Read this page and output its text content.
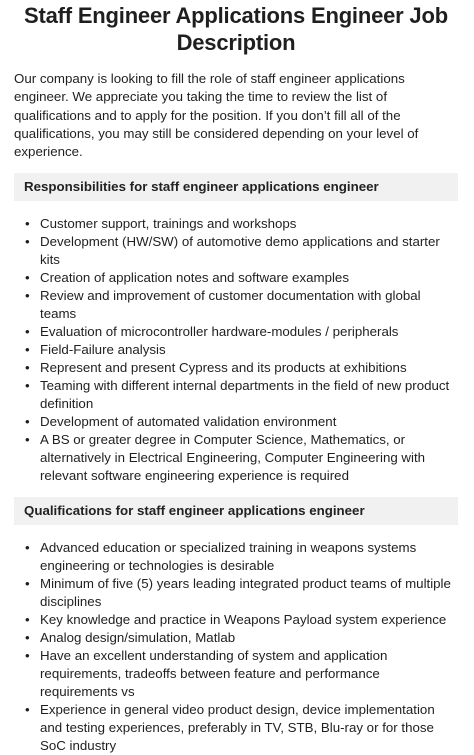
Staff Engineer Applications Engineer Job Description

Our company is looking to fill the role of staff engineer applications engineer. We appreciate you taking the time to review the list of qualifications and to apply for the position. If you don’t fill all of the qualifications, you may still be considered depending on your level of experience.

Responsibilities for staff engineer applications engineer
• Customer support, trainings and workshops
• Development (HW/SW) of automotive demo applications and starter kits
• Creation of application notes and software examples
• Review and improvement of customer documentation with global teams
• Evaluation of microcontroller hardware-modules / peripherals
• Field-Failure analysis
• Represent and present Cypress and its products at exhibitions
• Teaming with different internal departments in the field of new product definition
• Development of automated validation environment
• A BS or greater degree in Computer Science, Mathematics, or alternatively in Electrical Engineering, Computer Engineering with relevant software engineering experience is required
Qualifications for staff engineer applications engineer
• Advanced education or specialized training in weapons systems engineering or technologies is desirable
• Minimum of five (5) years leading integrated product teams of multiple disciplines
• Key knowledge and practice in Weapons Payload system experience
• Analog design/simulation, Matlab
• Have an excellent understanding of system and application requirements, tradeoffs between feature and performance requirements vs
• Experience in general video product design, device implementation and testing experiences, preferably in TV, STB, Blu-ray or for those SoC industry
